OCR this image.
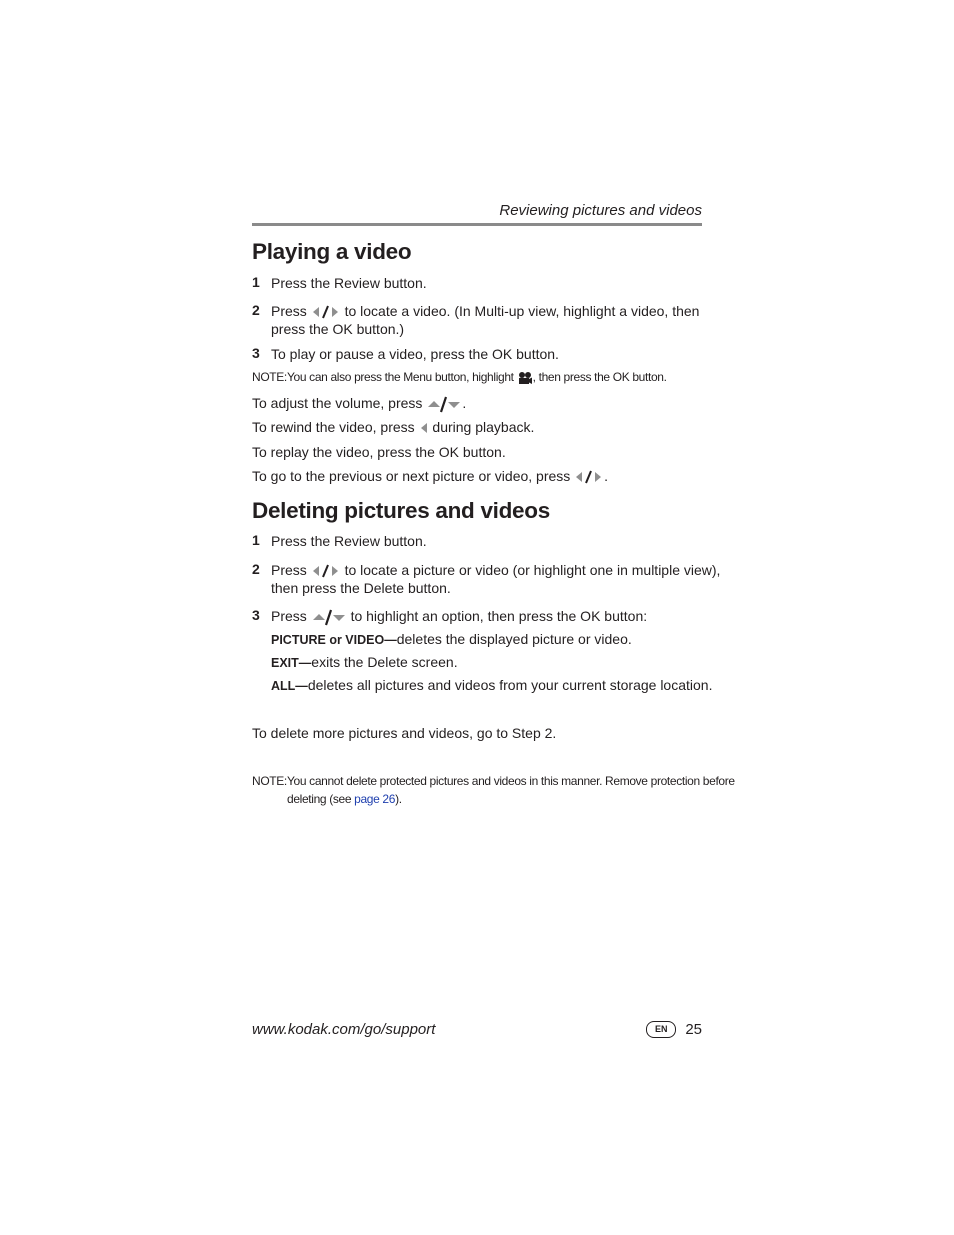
Reviewing pictures and videos
Playing a video
1 Press the Review button.
2 Press	to locate a video. (In Multi-up view, highlight a video, then
press the OK button.)
3 To play or pause a video, press the OK button.
NOTE: You can also press the Menu button, highlight , then press the OK button.
To adjust the volume, press	.
To rewind the video, press during playback.
To replay the video, press the OK button.
To go to the previous or next picture or video, press .
Deleting pictures and videos
1 Press the Review button.
2 Press	to locate a picture or video (or highlight one in multiple view),
then press the Delete button.
3 Press	to highlight an option, then press the OK button:
PICTURE or VIDEO—deletes the displayed picture or video.
EXIT—exits the Delete screen.
ALL—deletes all pictures and videos from your current storage location.
To delete more pictures and videos, go to Step 2.
NOTE: You cannot delete protected pictures and videos in this manner. Remove protection before
deleting (see page 26).
www.kodak.com/go/support	EN 25
